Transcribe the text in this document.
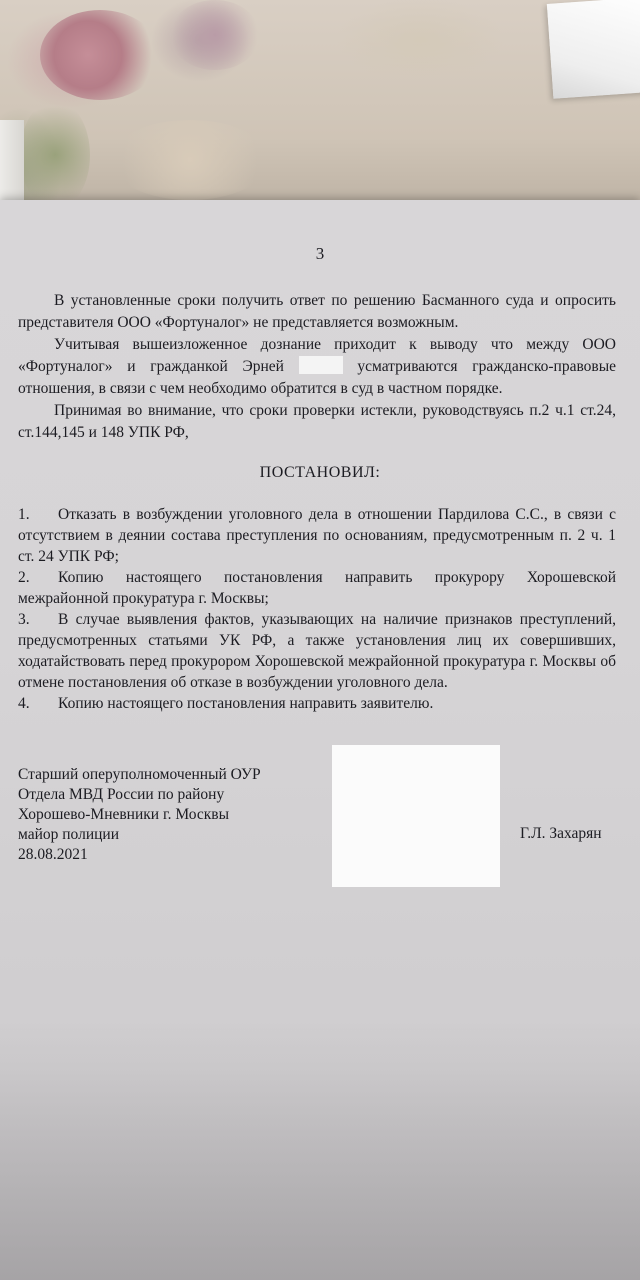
3

В установленные сроки получить ответ по решению Басманного суда и опросить представителя ООО «Фортуналог» не представляется возможным.

Учитывая вышеизложенное дознание приходит к выводу что между ООО «Фортуналог» и гражданкой Эрней	усматриваются гражданско-правовые отношения, в связи с чем необходимо обратится в суд в частном порядке.

Принимая во внимание, что сроки проверки истекли, руководствуясь п.2 ч.1 ст.24, ст.144,145 и 148 УПК РФ,

ПОСТАНОВИЛ:

1. Отказать в возбуждении уголовного дела в отношении Пардилова С.С., в связи с отсутствием в деянии состава преступления по основаниям, предусмотренным п. 2 ч. 1 ст. 24 УПК РФ;

2. Копию настоящего постановления направить прокурору Хорошевской межрайонной прокуратура г. Москвы;

3. В случае выявления фактов, указывающих на наличие признаков преступлений, предусмотренных статьями УК РФ, а также установления лиц их совершивших, ходатайствовать перед прокурором Хорошевской межрайонной прокуратура г. Москвы об отмене постановления об отказе в возбуждении уголовного дела.

4. Копию настоящего постановления направить заявителю.

Старший оперуполномоченный ОУР
Отдела МВД России по району
Хорошево-Мневники г. Москвы
майор полиции
28.08.2021
Г.Л. Захарян
